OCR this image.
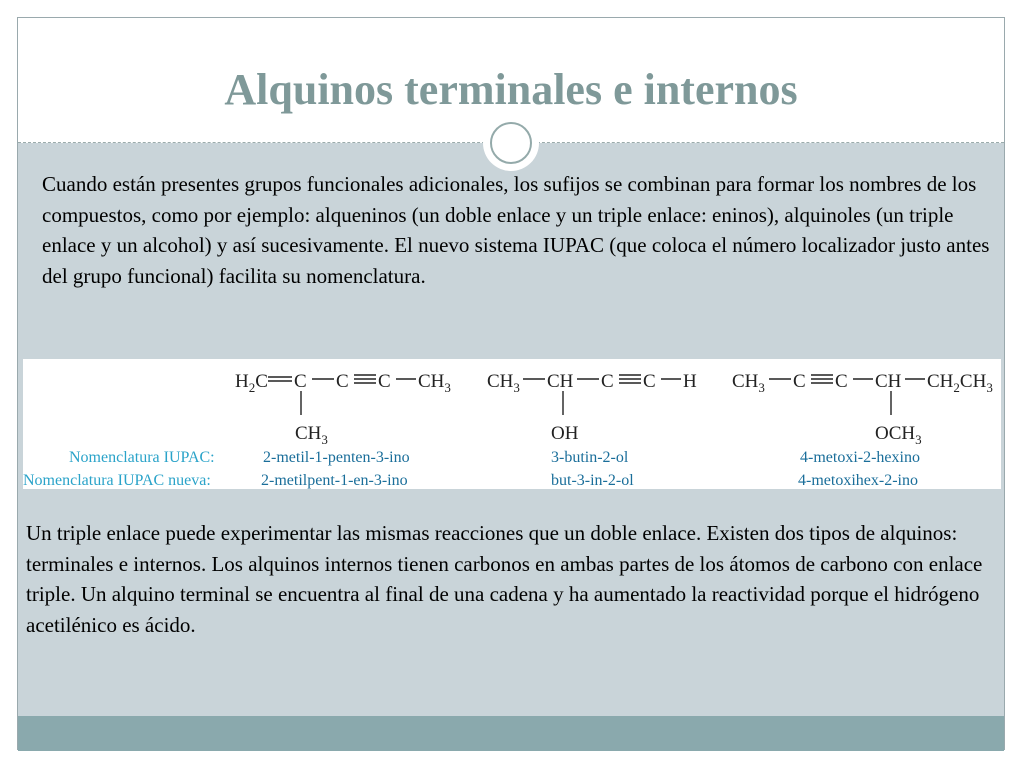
Alquinos terminales e internos

Cuando están presentes grupos funcionales adicionales, los sufijos se combinan para formar los nombres de los compuestos, como por ejemplo: alqueninos (un doble enlace y un triple enlace: eninos), alquinoles (un triple enlace y un alcohol) y así sucesivamente. El nuevo sistema IUPAC (que coloca el número localizador justo antes del grupo funcional) facilita su nomenclatura.

$H_2C$ C C C $CH_3$
$CH_3$
$CH_3$ CH C C H
OH
$CH_3$ C C CH $CH_2CH_3$
$OCH_3$
Nomenclatura IUPAC:	2-metil-1-penten-3-ino	3-butin-2-ol	4-metoxi-2-hexino
Nomenclatura IUPAC nueva:	2-metilpent-1-en-3-ino	but-3-in-2-ol	4-metoxihex-2-ino

Un triple enlace puede experimentar las mismas reacciones que un doble enlace. Existen dos tipos de alquinos: terminales e internos. Los alquinos internos tienen carbonos en ambas partes de los átomos de carbono con enlace triple. Un alquino terminal se encuentra al final de una cadena y ha aumentado la reactividad porque el hidrógeno acetilénico es ácido.
